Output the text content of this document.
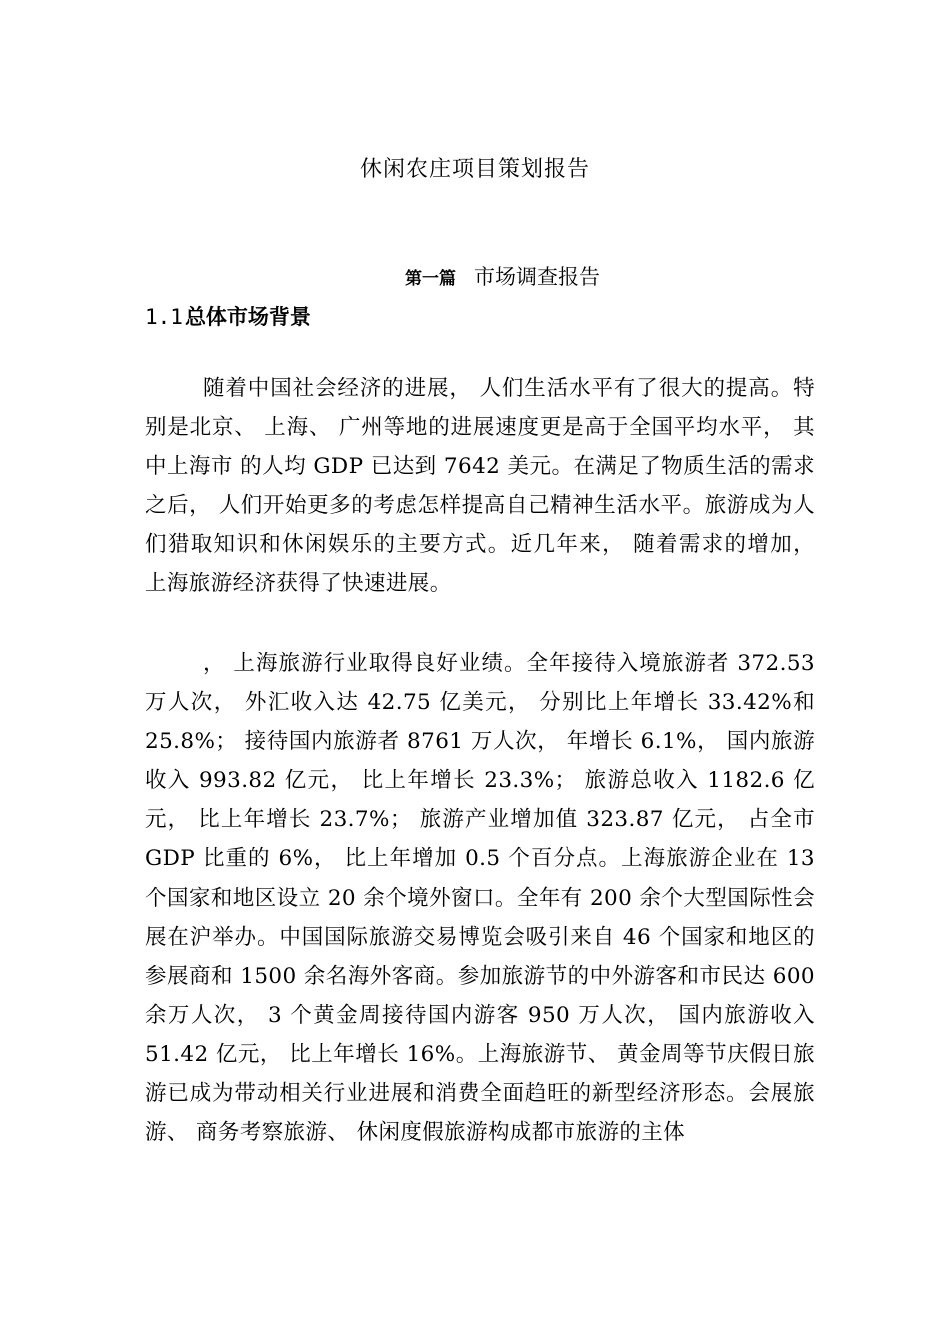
休闲农庄项目策划报告
第一篇 市场调查报告
1.1总体市场背景

随着中国社会经济的进展， 人们生活水平有了很大的提高。特别是北京、 上海、 广州等地的进展速度更是高于全国平均水平， 其中上海市 的人均 GDP 已达到 7642 美元。在满足了物质生活的需求之后， 人们开始更多的考虑怎样提高自己精神生活水平。旅游成为人们猎取知识和休闲娱乐的主要方式。近几年来， 随着需求的增加， 上海旅游经济获得了快速进展。

， 上海旅游行业取得良好业绩。全年接待入境旅游者 372.53 万人次， 外汇收入达 42.75 亿美元， 分别比上年增长 33.42%和 25.8%； 接待国内旅游者 8761 万人次， 年增长 6.1%， 国内旅游收入 993.82 亿元， 比上年增长 23.3%； 旅游总收入 1182.6 亿元， 比上年增长 23.7%； 旅游产业增加值 323.87 亿元， 占全市 GDP 比重的 6%， 比上年增加 0.5 个百分点。上海旅游企业在 13 个国家和地区设立 20 余个境外窗口。全年有 200 余个大型国际性会展在沪举办。中国国际旅游交易博览会吸引来自 46 个国家和地区的参展商和 1500 余名海外客商。参加旅游节的中外游客和市民达 600 余万人次， 3 个黄金周接待国内游客 950 万人次， 国内旅游收入 51.42 亿元， 比上年增长 16%。上海旅游节、 黄金周等节庆假日旅游已成为带动相关行业进展和消费全面趋旺的新型经济形态。会展旅游、 商务考察旅游、 休闲度假旅游构成都市旅游的主体
